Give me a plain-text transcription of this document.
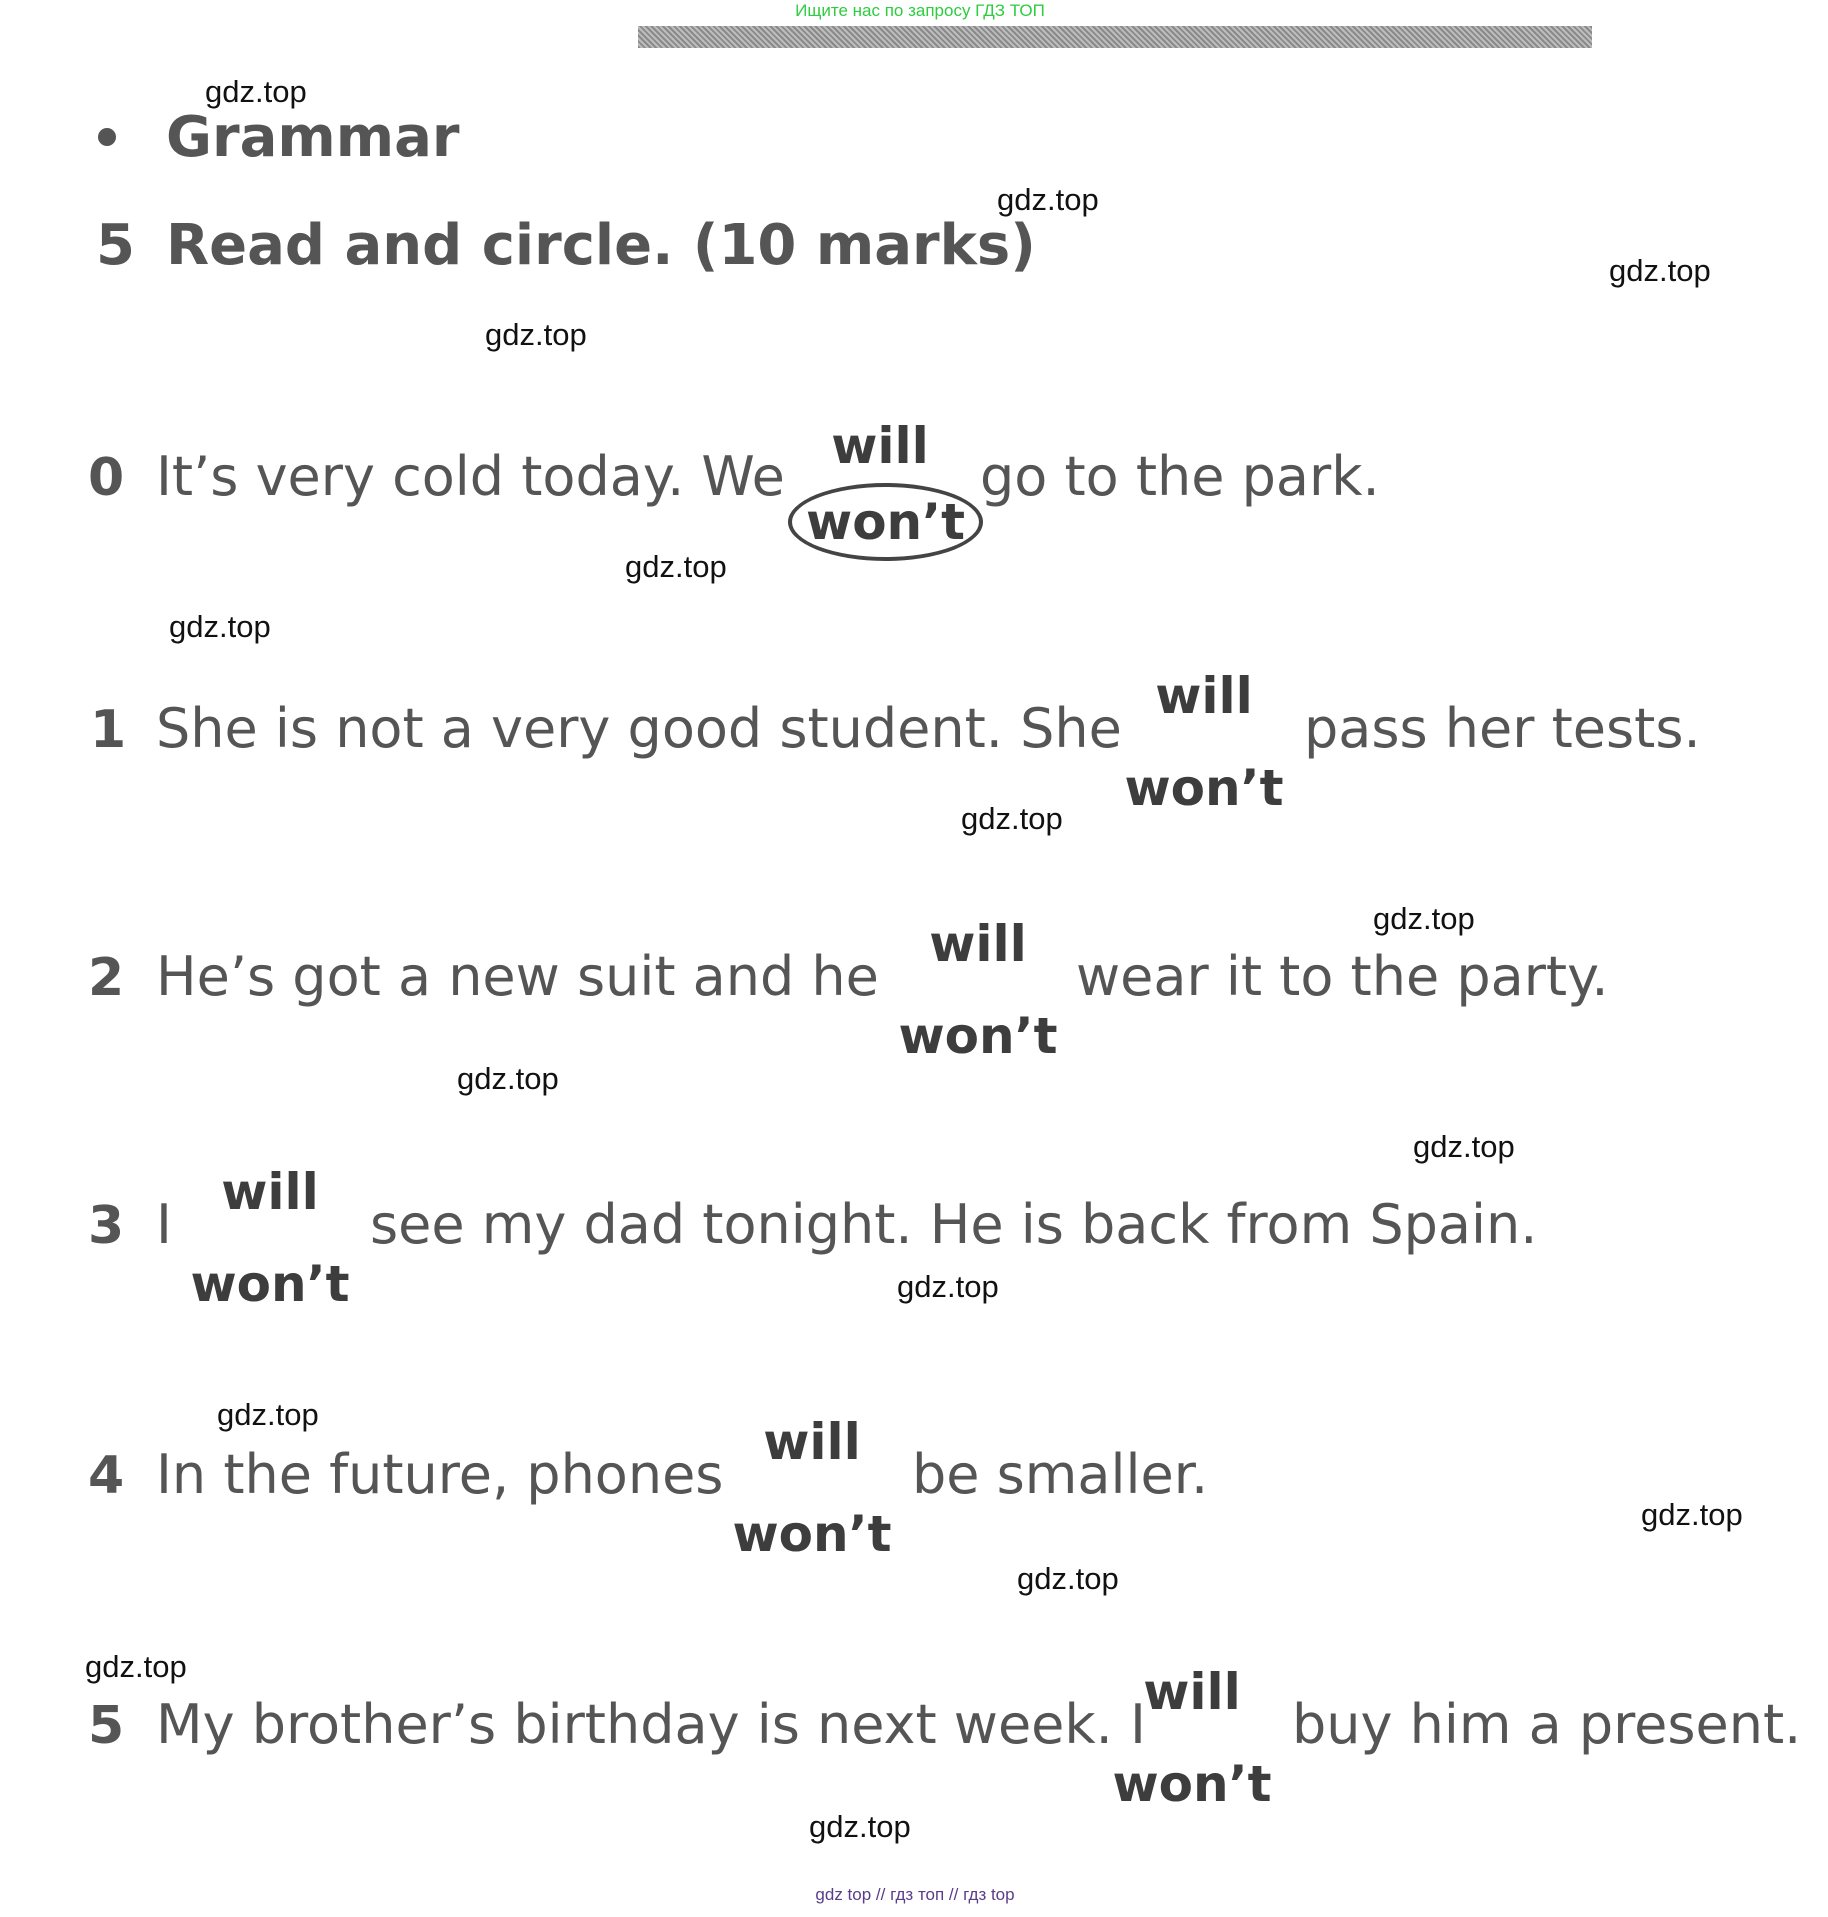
Ищите нас по запросу ГДЗ ТОП
Grammar
5 Read and circle. (10 marks)
0 It’s very cold today. We will
won’t
go to the park.
1 She is not a very good student. She
will
won’t
pass her tests.
2 He’s got a new suit and he
will
won’t
wear it to the party.
3 I
will
won’t
see my dad tonight. He is back from Spain.
4 In the future, phones
will
won’t
be smaller.
5 My brother’s birthday is next week. I
will
won’t
buy him a present.
gdz.top
gdz.top
gdz.top
gdz.top
gdz.top
gdz.top
gdz.top
gdz.top
gdz.top
gdz.top
gdz.top
gdz.top
gdz.top
gdz.top
gdz.top
gdz.top
gdz top // гдз топ // гдз top
